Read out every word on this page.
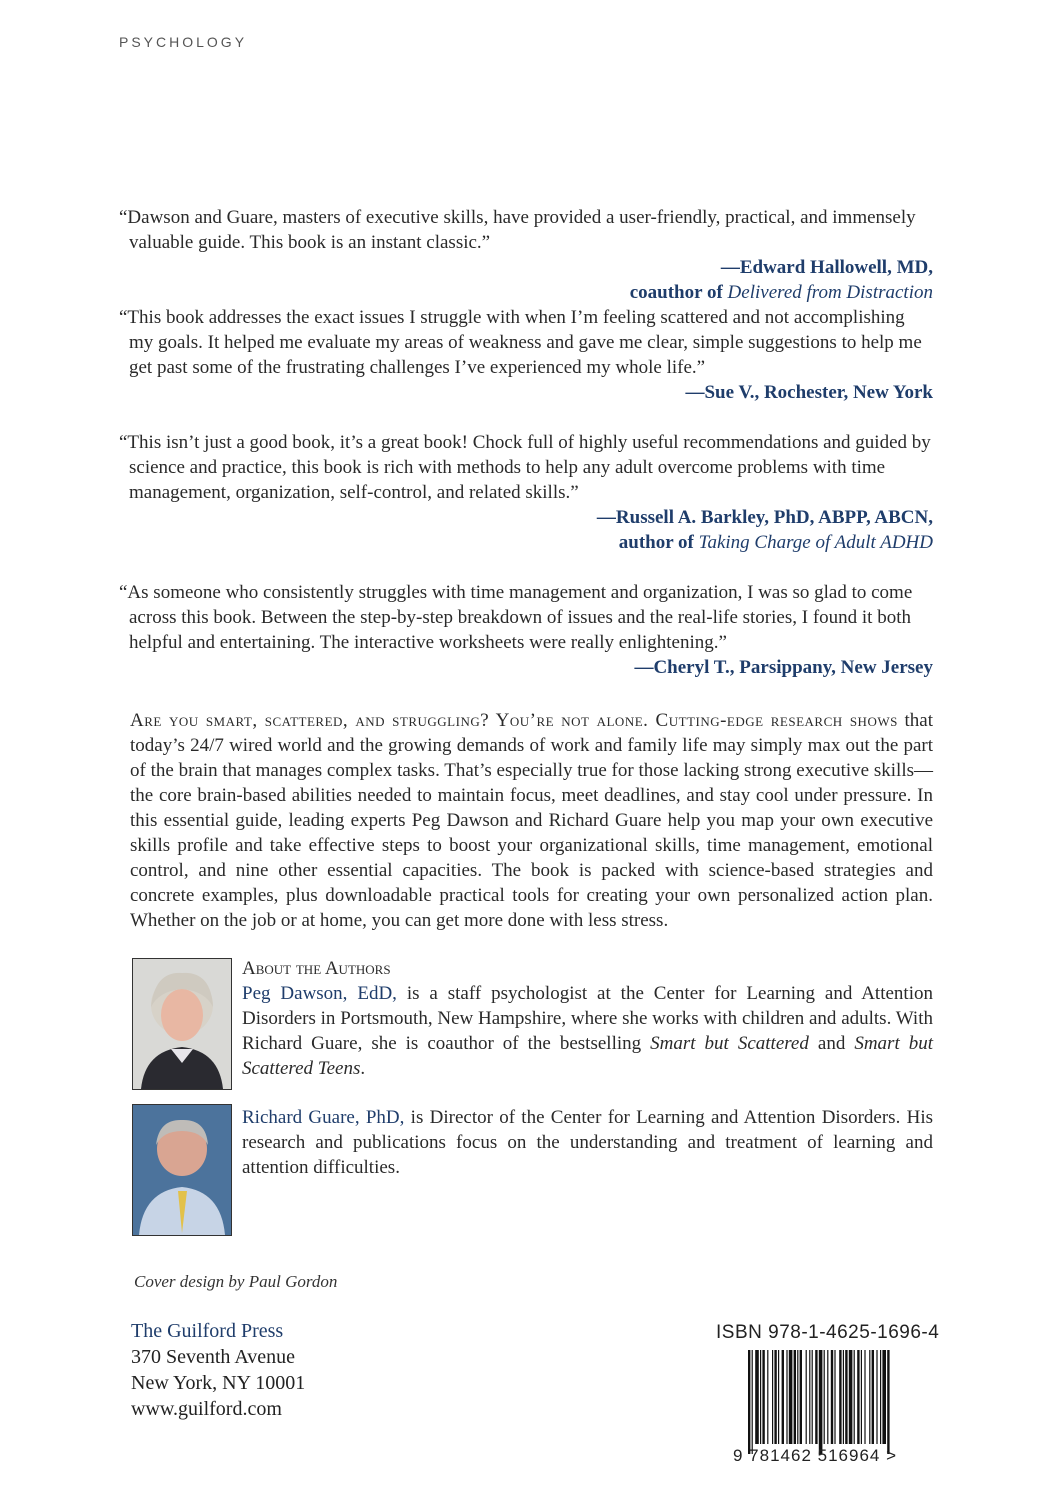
PSYCHOLOGY
“Dawson and Guare, masters of executive skills, have provided a user-friendly, practical, and immensely valuable guide. This book is an instant classic.”
—Edward Hallowell, MD,
coauthor of Delivered from Distraction
“This book addresses the exact issues I struggle with when I’m feeling scattered and not accomplishing my goals. It helped me evaluate my areas of weakness and gave me clear, simple suggestions to help me get past some of the frustrating challenges I’ve experienced my whole life.”
—Sue V., Rochester, New York
“This isn’t just a good book, it’s a great book! Chock full of highly useful recommendations and guided by science and practice, this book is rich with methods to help any adult overcome problems with time management, organization, self-control, and related skills.”
—Russell A. Barkley, PhD, ABPP, ABCN,
author of Taking Charge of Adult ADHD
“As someone who consistently struggles with time management and organization, I was so glad to come across this book. Between the step-by-step breakdown of issues and the real-life stories, I found it both helpful and entertaining. The interactive worksheets were really enlightening.”
—Cheryl T., Parsippany, New Jersey
Are you smart, scattered, and struggling? You’re not alone. Cutting-edge research shows that today’s 24/7 wired world and the growing demands of work and family life may simply max out the part of the brain that manages complex tasks. That’s especially true for those lacking strong executive skills—the core brain-based abilities needed to maintain focus, meet deadlines, and stay cool under pressure. In this essential guide, leading experts Peg Dawson and Richard Guare help you map your own executive skills profile and take effective steps to boost your organizational skills, time management, emotional control, and nine other essential capacities. The book is packed with science-based strategies and concrete examples, plus downloadable practical tools for creating your own personalized action plan. Whether on the job or at home, you can get more done with less stress.
About the Authors
Peg Dawson, EdD, is a staff psychologist at the Center for Learning and Attention Disorders in Portsmouth, New Hampshire, where she works with children and adults. With Richard Guare, she is coauthor of the bestselling Smart but Scattered and Smart but Scattered Teens.
Richard Guare, PhD, is Director of the Center for Learning and Attention Disorders. His research and publications focus on the understanding and treatment of learning and attention difficulties.
Cover design by Paul Gordon
The Guilford Press
370 Seventh Avenue
New York, NY 10001
www.guilford.com
ISBN 978-1-4625-1696-4
9 781462 516964 >
